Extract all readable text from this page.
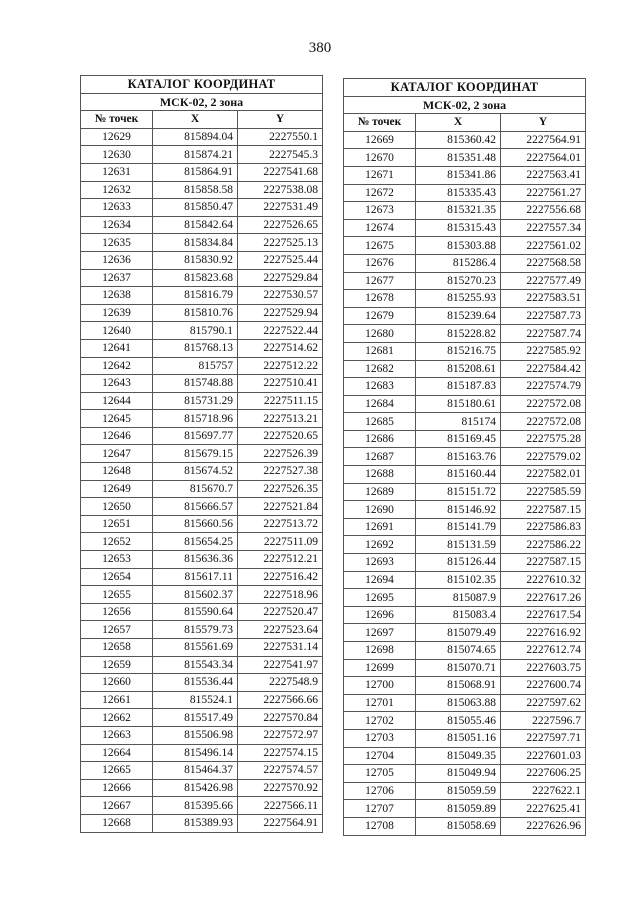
380
КАТАЛОГ КООРДИНАТ		
МСК-02, 2 зона		
№ точек	X	Y
12629	815894.04	2227550.1
12630	815874.21	2227545.3
12631	815864.91	2227541.68
12632	815858.58	2227538.08
12633	815850.47	2227531.49
12634	815842.64	2227526.65
12635	815834.84	2227525.13
12636	815830.92	2227525.44
12637	815823.68	2227529.84
12638	815816.79	2227530.57
12639	815810.76	2227529.94
12640	815790.1	2227522.44
12641	815768.13	2227514.62
12642	815757	2227512.22
12643	815748.88	2227510.41
12644	815731.29	2227511.15
12645	815718.96	2227513.21
12646	815697.77	2227520.65
12647	815679.15	2227526.39
12648	815674.52	2227527.38
12649	815670.7	2227526.35
12650	815666.57	2227521.84
12651	815660.56	2227513.72
12652	815654.25	2227511.09
12653	815636.36	2227512.21
12654	815617.11	2227516.42
12655	815602.37	2227518.96
12656	815590.64	2227520.47
12657	815579.73	2227523.64
12658	815561.69	2227531.14
12659	815543.34	2227541.97
12660	815536.44	2227548.9
12661	815524.1	2227566.66
12662	815517.49	2227570.84
12663	815506.98	2227572.97
12664	815496.14	2227574.15
12665	815464.37	2227574.57
12666	815426.98	2227570.92
12667	815395.66	2227566.11
12668	815389.93	2227564.91
КАТАЛОГ КООРДИНАТ		
МСК-02, 2 зона		
№ точек	X	Y
12669	815360.42	2227564.91
12670	815351.48	2227564.01
12671	815341.86	2227563.41
12672	815335.43	2227561.27
12673	815321.35	2227556.68
12674	815315.43	2227557.34
12675	815303.88	2227561.02
12676	815286.4	2227568.58
12677	815270.23	2227577.49
12678	815255.93	2227583.51
12679	815239.64	2227587.73
12680	815228.82	2227587.74
12681	815216.75	2227585.92
12682	815208.61	2227584.42
12683	815187.83	2227574.79
12684	815180.61	2227572.08
12685	815174	2227572.08
12686	815169.45	2227575.28
12687	815163.76	2227579.02
12688	815160.44	2227582.01
12689	815151.72	2227585.59
12690	815146.92	2227587.15
12691	815141.79	2227586.83
12692	815131.59	2227586.22
12693	815126.44	2227587.15
12694	815102.35	2227610.32
12695	815087.9	2227617.26
12696	815083.4	2227617.54
12697	815079.49	2227616.92
12698	815074.65	2227612.74
12699	815070.71	2227603.75
12700	815068.91	2227600.74
12701	815063.88	2227597.62
12702	815055.46	2227596.7
12703	815051.16	2227597.71
12704	815049.35	2227601.03
12705	815049.94	2227606.25
12706	815059.59	2227622.1
12707	815059.89	2227625.41
12708	815058.69	2227626.96
